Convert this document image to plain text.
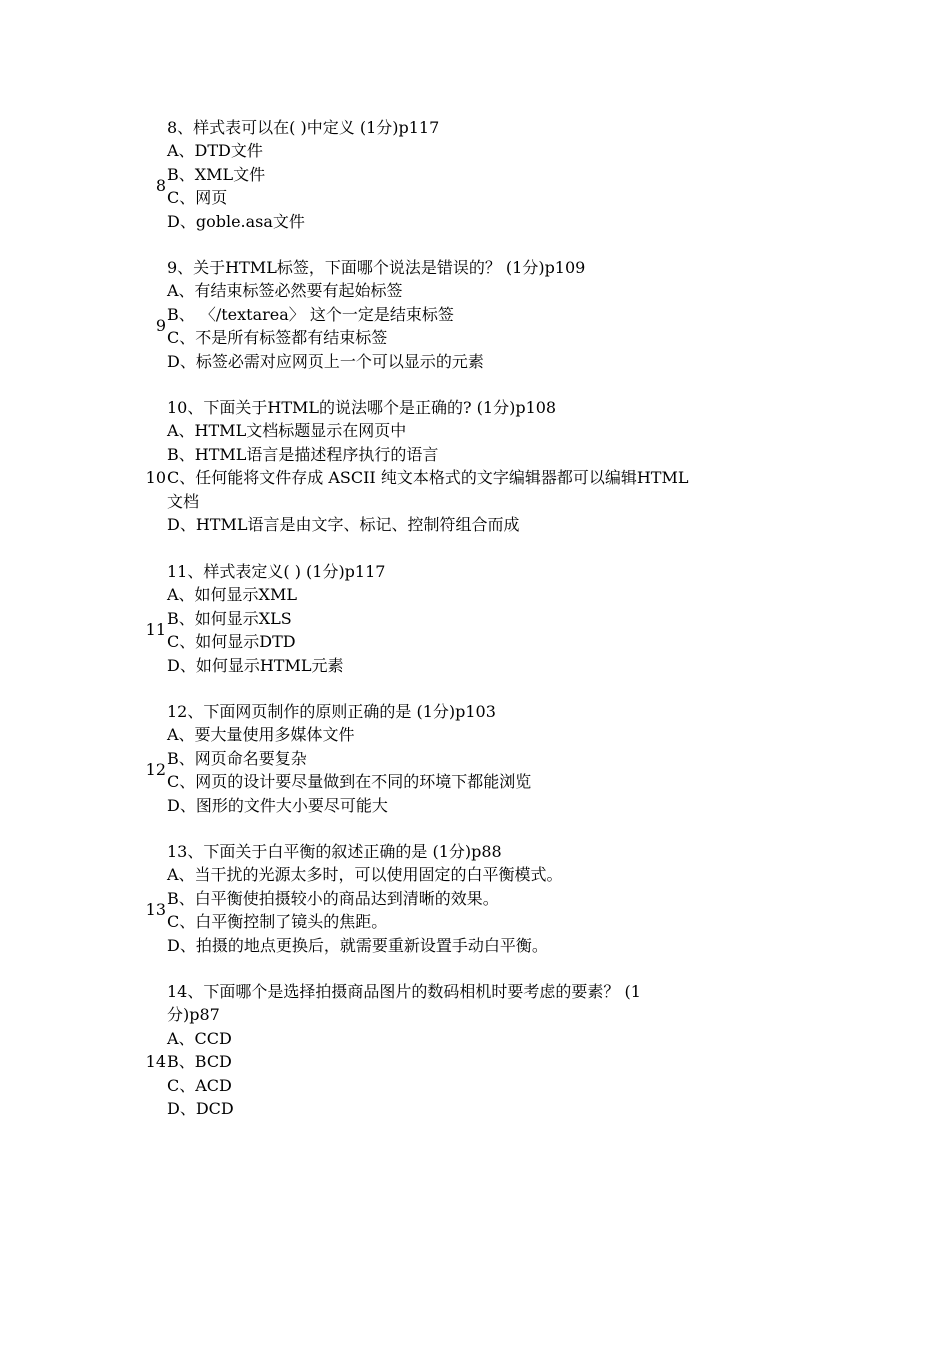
8
8、样式表可以在( )中定义 (1分)p117
A、DTD文件
B、XML文件
C、网页
D、goble.asa文件
9
9、关于HTML标签，下面哪个说法是错误的？ (1分)p109
A、有结束标签必然要有起始标签
B、 〈/textarea〉 这个一定是结束标签
C、不是所有标签都有结束标签
D、标签必需对应网页上一个可以显示的元素
10
10、下面关于HTML的说法哪个是正确的? (1分)p108
A、HTML文档标题显示在网页中
B、HTML语言是描述程序执行的语言
C、任何能将文件存成 ASCII 纯文本格式的文字编辑器都可以编辑HTML
文档
D、HTML语言是由文字、标记、控制符组合而成
11
11、样式表定义( ) (1分)p117
A、如何显示XML
B、如何显示XLS
C、如何显示DTD
D、如何显示HTML元素
12
12、下面网页制作的原则正确的是 (1分)p103
A、要大量使用多媒体文件
B、网页命名要复杂
C、网页的设计要尽量做到在不同的环境下都能浏览
D、图形的文件大小要尽可能大
13
13、下面关于白平衡的叙述正确的是 (1分)p88
A、当干扰的光源太多时，可以使用固定的白平衡模式。
B、白平衡使拍摄较小的商品达到清晰的效果。
C、白平衡控制了镜头的焦距。
D、拍摄的地点更换后，就需要重新设置手动白平衡。
14
14、下面哪个是选择拍摄商品图片的数码相机时要考虑的要素？ (1
分)p87
A、CCD
B、BCD
C、ACD
D、DCD
